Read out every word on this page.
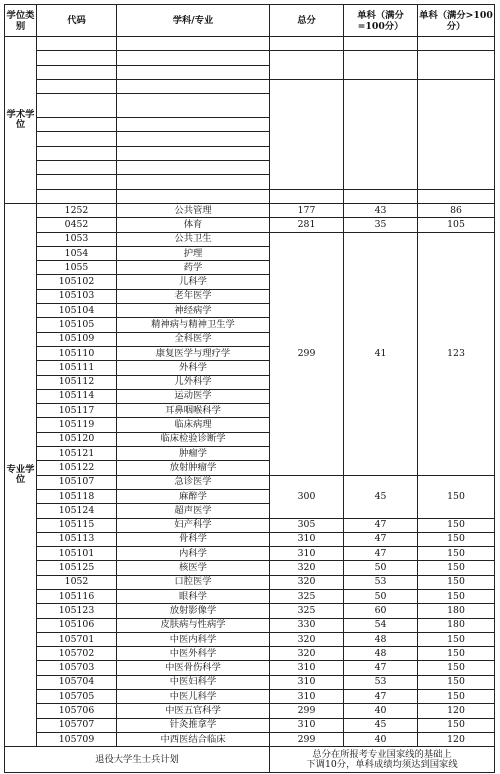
学位类别	代码	学科/专业	总分	单科（满分=100分）	单科（满分>100分）
学术学位					

专业学位	1252	公共管理	177	43	86
	0452	体育	281	35	105
	1053	公共卫生	299	41	123
	1054	护理			
	1055	药学			
	105102	儿科学			
	105103	老年医学			
	105104	神经病学			
	105105	精神病与精神卫生学			
	105109	全科医学			
	105110	康复医学与理疗学			
	105111	外科学			
	105112	儿外科学			
	105114	运动医学			
	105117	耳鼻咽喉科学			
	105119	临床病理			
	105120	临床检验诊断学			
	105121	肿瘤学			
	105122	放射肿瘤学			
	105107	急诊医学	300	45	150
	105118	麻醉学			
	105124	超声医学			
	105115	妇产科学	305	47	150
	105113	骨科学	310	47	150
	105101	内科学	310	47	150
	105125	核医学	320	50	150
	1052	口腔医学	320	53	150
	105116	眼科学	325	50	150
	105123	放射影像学	325	60	180
	105106	皮肤病与性病学	330	54	180
	105701	中医内科学	320	48	150
	105702	中医外科学	320	48	150
	105703	中医骨伤科学	310	47	150
	105704	中医妇科学	310	53	150
	105705	中医儿科学	310	47	150
	105706	中医五官科学	299	40	120
	105707	针灸推拿学	310	45	150
	105709	中西医结合临床	299	40	120
退役大学生士兵计划			总分在所报考专业国家线的基础上
下调10分，单科成绩均须达到国家线		
